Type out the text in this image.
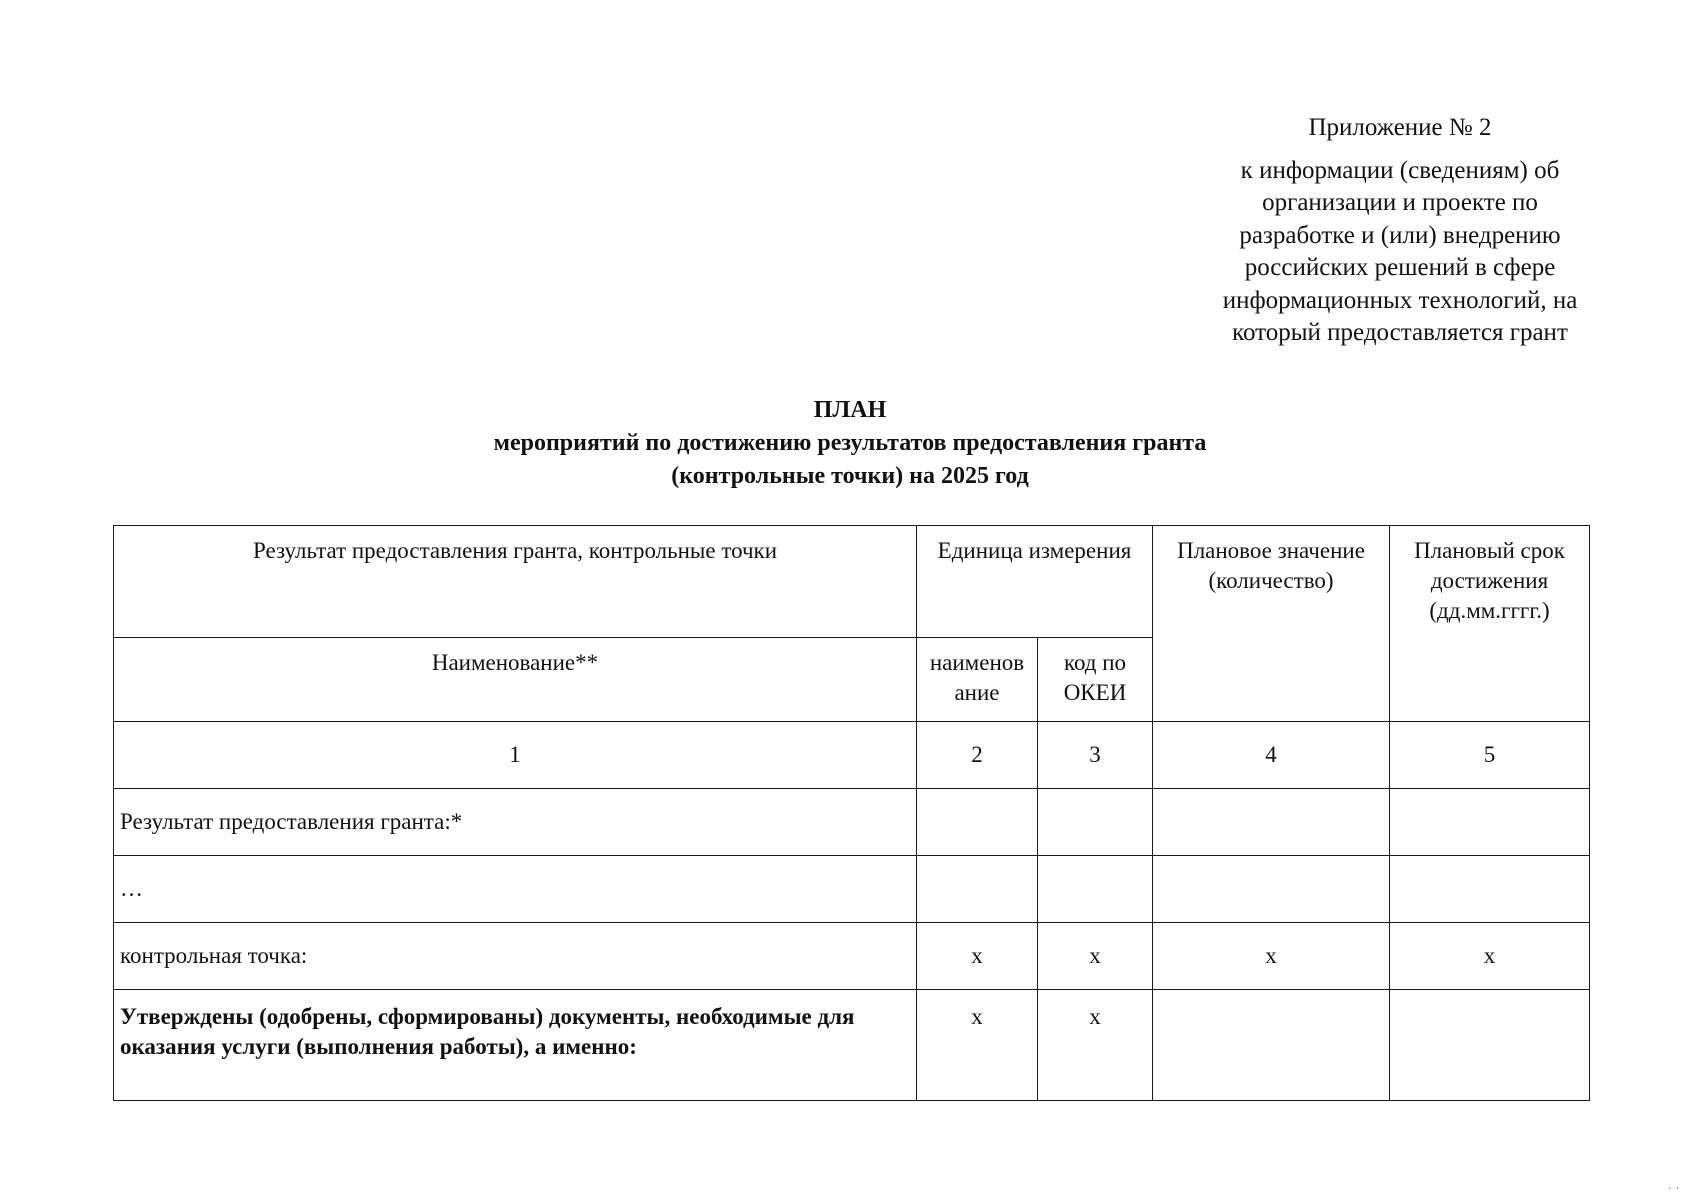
Приложение № 2
к информации (сведениям) об
организации и проекте по
разработке и (или) внедрению
российских решений в сфере
информационных технологий, на
который предоставляется грант
ПЛАН
мероприятий по достижению результатов предоставления гранта
(контрольные точки) на 2025 год
Результат предоставления гранта, контрольные точки	Единица измерения		Плановое значение (количество)	Плановый срок достижения (дд.мм.гггг.)
Наименование**	наименов ание	код по ОКЕИ		
1	2	3	4	5
Результат предоставления гранта:*				
…				
контрольная точка:	x	x	x	x
Утверждены (одобрены, сформированы) документы, необходимые для оказания услуги (выполнения работы), а именно:	x	x		
. .
